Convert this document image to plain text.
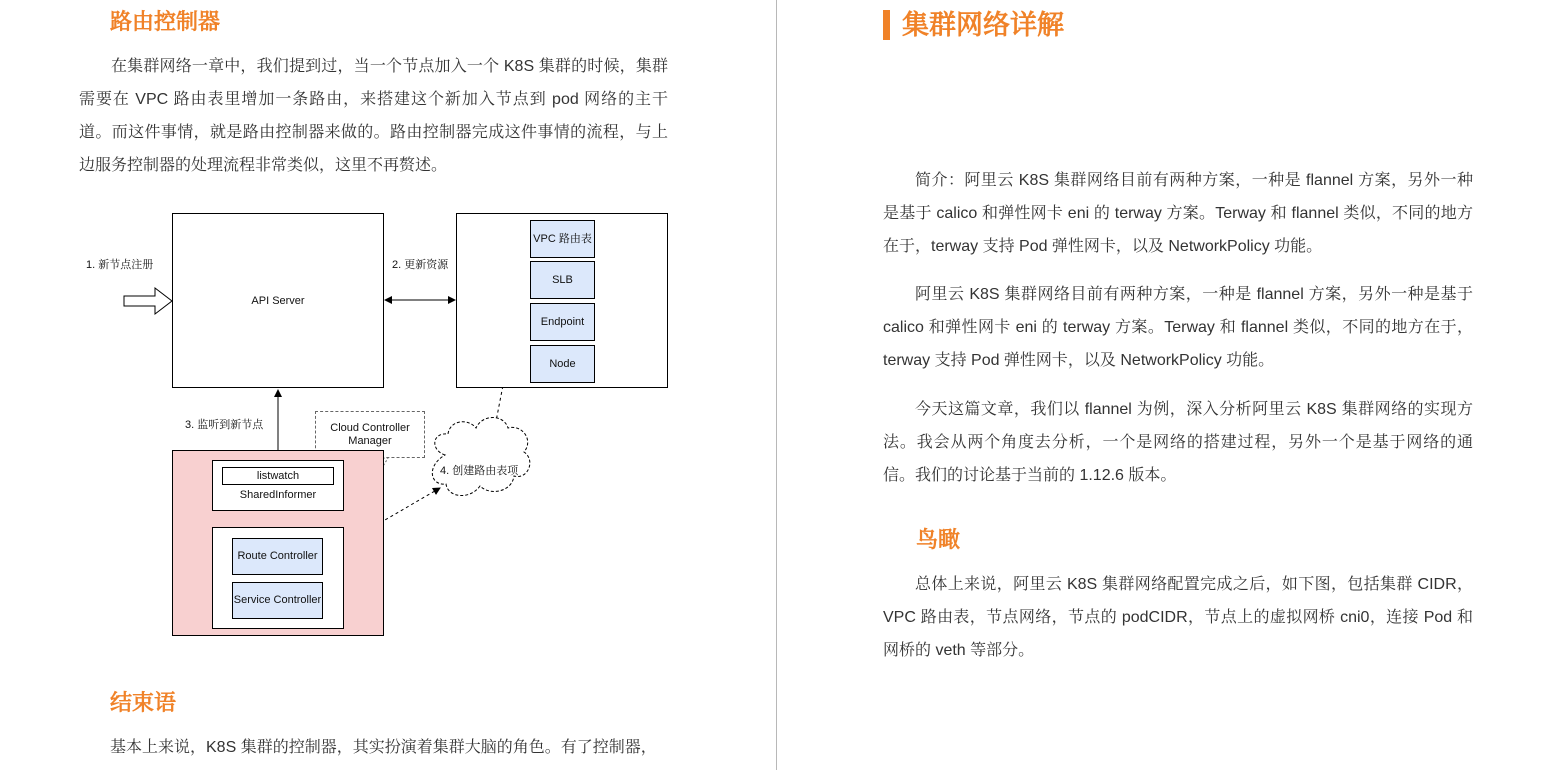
路由控制器

在集群网络一章中，我们提到过，当一个节点加入一个 K8S 集群的时候，集群需要在 VPC 路由表里增加一条路由，来搭建这个新加入节点到 pod 网络的主干道。而这件事情，就是路由控制器来做的。路由控制器完成这件事情的流程，与上边服务控制器的处理流程非常类似，这里不再赘述。

1. 新节点注册
API Server
2. 更新资源
VPC 路由表
SLB
Endpoint
Node
3. 监听到新节点	Cloud Controller Manager
listwatch
SharedInformer
Route Controller
Service Controller
4. 创建路由表项
结束语

基本上来说，K8S 集群的控制器，其实扮演着集群大脑的角色。有了控制器，

集群网络详解

简介：阿里云 K8S 集群网络目前有两种方案，一种是 flannel 方案，另外一种是基于 calico 和弹性网卡 eni 的 terway 方案。Terway 和 flannel 类似，不同的地方在于，terway 支持 Pod 弹性网卡，以及 NetworkPolicy 功能。

阿里云 K8S 集群网络目前有两种方案，一种是 flannel 方案，另外一种是基于 calico 和弹性网卡 eni 的 terway 方案。Terway 和 flannel 类似，不同的地方在于，terway 支持 Pod 弹性网卡，以及 NetworkPolicy 功能。

今天这篇文章，我们以 flannel 为例，深入分析阿里云 K8S 集群网络的实现方法。我会从两个角度去分析，一个是网络的搭建过程，另外一个是基于网络的通信。我们的讨论基于当前的 1.12.6 版本。

鸟瞰

总体上来说，阿里云 K8S 集群网络配置完成之后，如下图，包括集群 CIDR，VPC 路由表，节点网络，节点的 podCIDR，节点上的虚拟网桥 cni0，连接 Pod 和网桥的 veth 等部分。
